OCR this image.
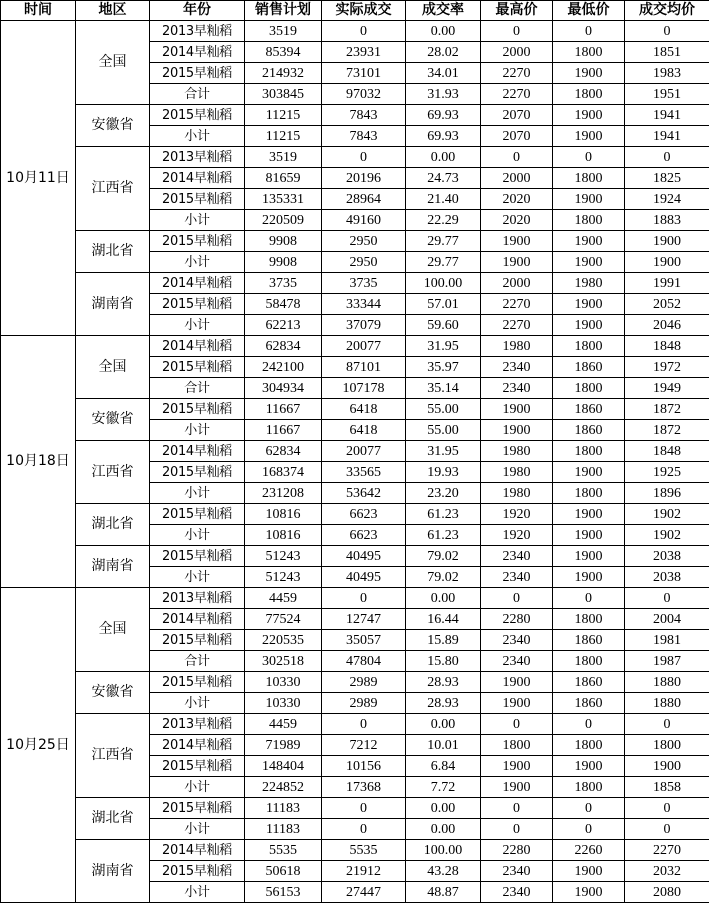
时间	地区	年份	销售计划	实际成交	成交率	最高价	最低价	成交均价
10月11日	全国	2013早籼稻	3519	0	0.00	0	0	0
		2014早籼稻	85394	23931	28.02	2000	1800	1851
		2015早籼稻	214932	73101	34.01	2270	1900	1983
		合计	303845	97032	31.93	2270	1800	1951
	安徽省	2015早籼稻	11215	7843	69.93	2070	1900	1941
		小计	11215	7843	69.93	2070	1900	1941
	江西省	2013早籼稻	3519	0	0.00	0	0	0
		2014早籼稻	81659	20196	24.73	2000	1800	1825
		2015早籼稻	135331	28964	21.40	2020	1900	1924
		小计	220509	49160	22.29	2020	1800	1883
	湖北省	2015早籼稻	9908	2950	29.77	1900	1900	1900
		小计	9908	2950	29.77	1900	1900	1900
	湖南省	2014早籼稻	3735	3735	100.00	2000	1980	1991
		2015早籼稻	58478	33344	57.01	2270	1900	2052
		小计	62213	37079	59.60	2270	1900	2046
10月18日	全国	2014早籼稻	62834	20077	31.95	1980	1800	1848
		2015早籼稻	242100	87101	35.97	2340	1860	1972
		合计	304934	107178	35.14	2340	1800	1949
	安徽省	2015早籼稻	11667	6418	55.00	1900	1860	1872
		小计	11667	6418	55.00	1900	1860	1872
	江西省	2014早籼稻	62834	20077	31.95	1980	1800	1848
		2015早籼稻	168374	33565	19.93	1980	1900	1925
		小计	231208	53642	23.20	1980	1800	1896
	湖北省	2015早籼稻	10816	6623	61.23	1920	1900	1902
		小计	10816	6623	61.23	1920	1900	1902
	湖南省	2015早籼稻	51243	40495	79.02	2340	1900	2038
		小计	51243	40495	79.02	2340	1900	2038
10月25日	全国	2013早籼稻	4459	0	0.00	0	0	0
		2014早籼稻	77524	12747	16.44	2280	1800	2004
		2015早籼稻	220535	35057	15.89	2340	1860	1981
		合计	302518	47804	15.80	2340	1800	1987
	安徽省	2015早籼稻	10330	2989	28.93	1900	1860	1880
		小计	10330	2989	28.93	1900	1860	1880
	江西省	2013早籼稻	4459	0	0.00	0	0	0
		2014早籼稻	71989	7212	10.01	1800	1800	1800
		2015早籼稻	148404	10156	6.84	1900	1900	1900
		小计	224852	17368	7.72	1900	1800	1858
	湖北省	2015早籼稻	11183	0	0.00	0	0	0
		小计	11183	0	0.00	0	0	0
	湖南省	2014早籼稻	5535	5535	100.00	2280	2260	2270
		2015早籼稻	50618	21912	43.28	2340	1900	2032
		小计	56153	27447	48.87	2340	1900	2080
